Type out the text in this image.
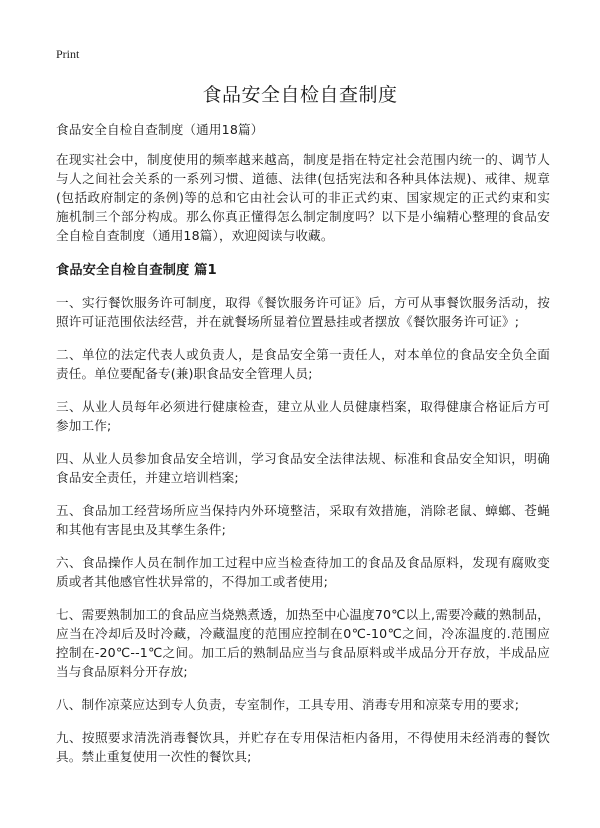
Print
食品安全自检自查制度

食品安全自检自查制度（通用18篇）

在现实社会中，制度使用的频率越来越高，制度是指在特定社会范围内统一的、调节人与人之间社会关系的一系列习惯、道德、法律(包括宪法和各种具体法规)、戒律、规章(包括政府制定的条例)等的总和它由社会认可的非正式约束、国家规定的正式约束和实施机制三个部分构成。那么你真正懂得怎么制定制度吗？以下是小编精心整理的食品安全自检自查制度（通用18篇），欢迎阅读与收藏。

食品安全自检自查制度 篇1

一、实行餐饮服务许可制度，取得《餐饮服务许可证》后，方可从事餐饮服务活动，按照许可证范围依法经营，并在就餐场所显着位置悬挂或者摆放《餐饮服务许可证》;

二、单位的法定代表人或负责人，是食品安全第一责任人，对本单位的食品安全负全面责任。单位要配备专(兼)职食品安全管理人员;

三、从业人员每年必须进行健康检查，建立从业人员健康档案，取得健康合格证后方可参加工作;

四、从业人员参加食品安全培训，学习食品安全法律法规、标准和食品安全知识，明确食品安全责任，并建立培训档案;

五、食品加工经营场所应当保持内外环境整洁，采取有效措施，消除老鼠、蟑螂、苍蝇和其他有害昆虫及其孳生条件;

六、食品操作人员在制作加工过程中应当检查待加工的食品及食品原料，发现有腐败变质或者其他感官性状异常的，不得加工或者使用;

七、需要熟制加工的食品应当烧熟煮透，加热至中心温度70℃以上,需要冷藏的熟制品，应当在冷却后及时冷藏，冷藏温度的范围应控制在0℃-10℃之间，冷冻温度的.范围应控制在-20℃--1℃之间。加工后的熟制品应当与食品原料或半成品分开存放，半成品应当与食品原料分开存放;

八、制作凉菜应达到专人负责，专室制作，工具专用、消毒专用和凉菜专用的要求;

九、按照要求清洗消毒餐饮具，并贮存在专用保洁柜内备用，不得使用未经消毒的餐饮具。禁止重复使用一次性的餐饮具;
